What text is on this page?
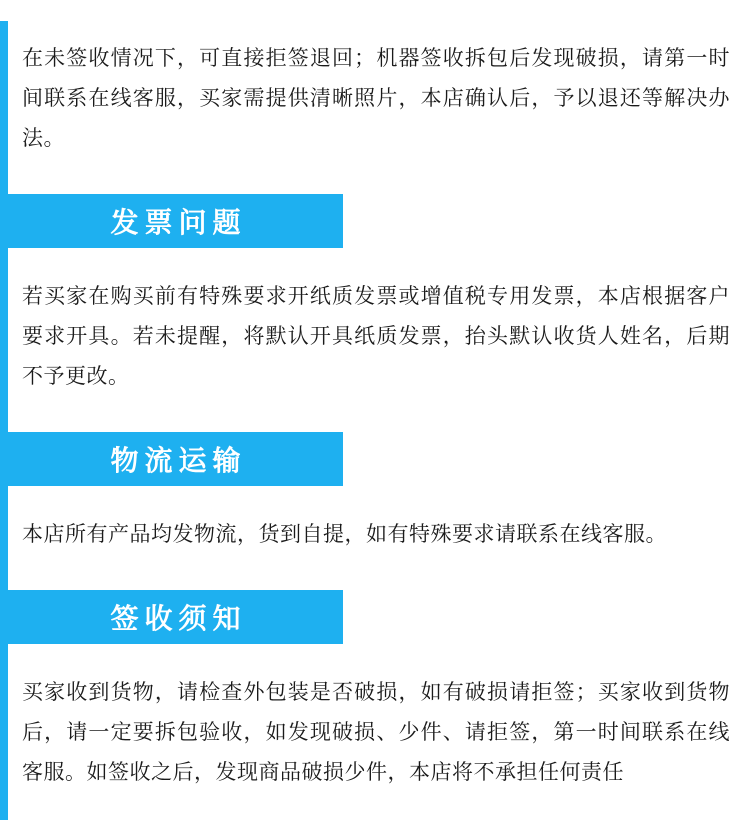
在未签收情况下，可直接拒签退回；机器签收拆包后发现破损，请第一时间联系在线客服，买家需提供清晰照片，本店确认后，予以退还等解决办法。

发票问题

若买家在购买前有特殊要求开纸质发票或增值税专用发票，本店根据客户要求开具。若未提醒，将默认开具纸质发票，抬头默认收货人姓名，后期不予更改。

物流运输

本店所有产品均发物流，货到自提，如有特殊要求请联系在线客服。

签收须知

买家收到货物，请检查外包装是否破损，如有破损请拒签；买家收到货物后，请一定要拆包验收，如发现破损、少件、请拒签，第一时间联系在线客服。如签收之后，发现商品破损少件，本店将不承担任何责任
